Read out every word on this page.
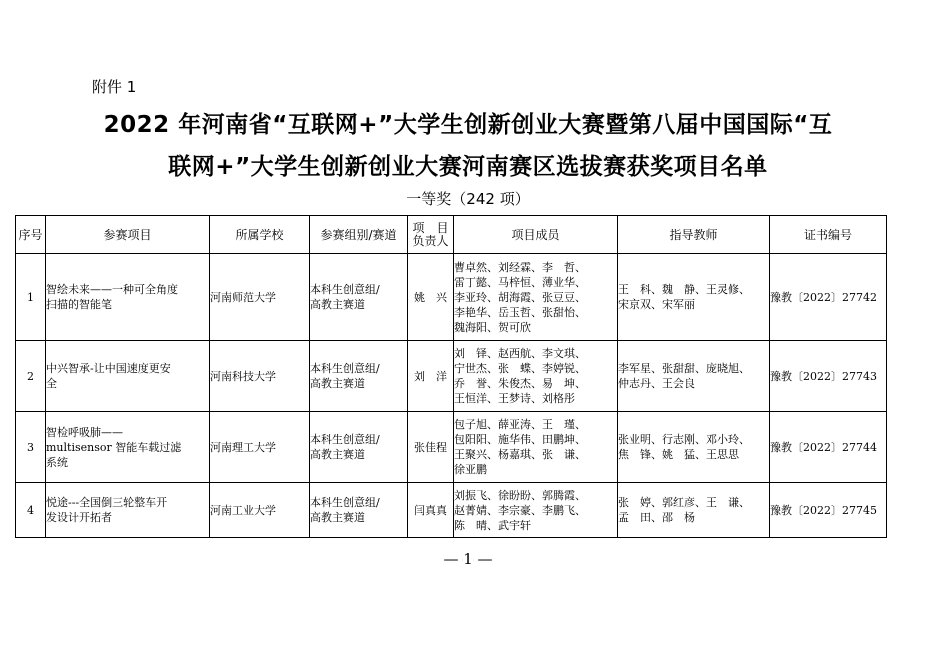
附件 1
2022 年河南省“互联网+”大学生创新创业大赛暨第八届中国国际“互
联网+”大学生创新创业大赛河南赛区选拔赛获奖项目名单
一等奖（242 项）
序号	参赛项目	所属学校	参赛组别/赛道	项　目
负责人	项目成员	指导教师	证书编号
1	智绘未来——一种可全角度
扫描的智能笔	河南师范大学	本科生创意组/
高教主赛道	姚　兴	曹卓然、刘经霖、李　哲、
雷丁懿、马梓恒、薄业华、
李亚玲、胡海霞、张豆豆、
李艳华、岳玉哲、张甜怡、
魏海阳、贺可欣	王　科、魏　静、王灵修、
宋京双、宋军丽	豫教〔2022〕27742
2	中兴智承-让中国速度更安
全	河南科技大学	本科生创意组/
高教主赛道	刘　洋	刘　铎、赵西航、李文琪、
宁世杰、张　蝶、李婷锐、
乔　誉、朱俊杰、易　坤、
王恒洋、王梦诗、刘格彤	李军星、张甜甜、庞晓旭、
仲志丹、王会良	豫教〔2022〕27743
3	智检呼吸肺——
multisensor 智能车载过滤
系统	河南理工大学	本科生创意组/
高教主赛道	张佳程	包子旭、薛亚涛、王　瑾、
包阳阳、施华伟、田鹏坤、
王聚兴、杨嘉琪、张　谦、
徐亚鹏	张业明、行志刚、邓小玲、
焦　锋、姚　猛、王思思	豫教〔2022〕27744
4	悦途---全国倒三轮整车开
发设计开拓者	河南工业大学	本科生创意组/
高教主赛道	闫真真	刘振飞、徐盼盼、郭腾霞、
赵菁婧、李宗豪、李鹏飞、
陈　晴、武宇轩	张　婷、郭红彦、王　谦、
孟　田、邵　杨	豫教〔2022〕27745
— 1 —
